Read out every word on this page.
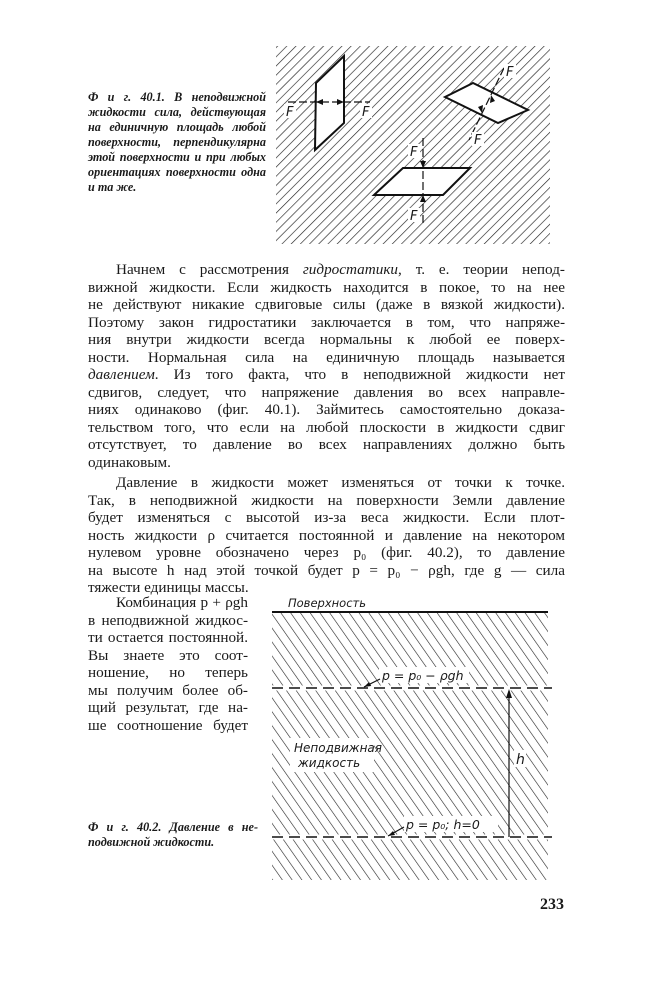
Ф и г. 40.1. В неподвижной
жидкости сила, действующая
на единичную площадь любой
поверхности, перпендикулярна
этой поверхности и при любых
ориентациях поверхности одна
и та же.
F	F
F
F
F
F
Начнем с рассмотрения гидростатики, т. е. теории непод-
вижной жидкости. Если жидкость находится в покое, то на нее
не действуют никакие сдвиговые силы (даже в вязкой жидкости).
Поэтому закон гидростатики заключается в том, что напряже-
ния внутри жидкости всегда нормальны к любой ее поверх-
ности. Нормальная сила на единичную площадь называется
давлением. Из того факта, что в неподвижной жидкости нет
сдвигов, следует, что напряжение давления во всех направле-
ниях одинаково (фиг. 40.1). Займитесь самостоятельно доказа-
тельством того, что если на любой плоскости в жидкости сдвиг
отсутствует, то давление во всех направлениях должно быть
одинаковым.
Давление в жидкости может изменяться от точки к точке.
Так, в неподвижной жидкости на поверхности Земли давление
будет изменяться с высотой из-за веса жидкости. Если плот-
ность жидкости ρ считается постоянной и давление на некотором
нулевом уровне обозначено через p₀ (фиг. 40.2), то давление
на высоте h над этой точкой будет p = p₀ − ρgh, где g — сила
тяжести единицы массы.
Комбинация p + ρgh
в неподвижной жидкос-
ти остается постоянной.
Вы знаете это соот-
ношение, но теперь
мы получим более об-
щий результат, где на-
ше соотношение будет
Поверхность
p = p₀ − ρgh
h
Неподвижная
жидкость
p = p₀; h=0
Ф и г. 40.2. Давление в не-
подвижной жидкости.
233
